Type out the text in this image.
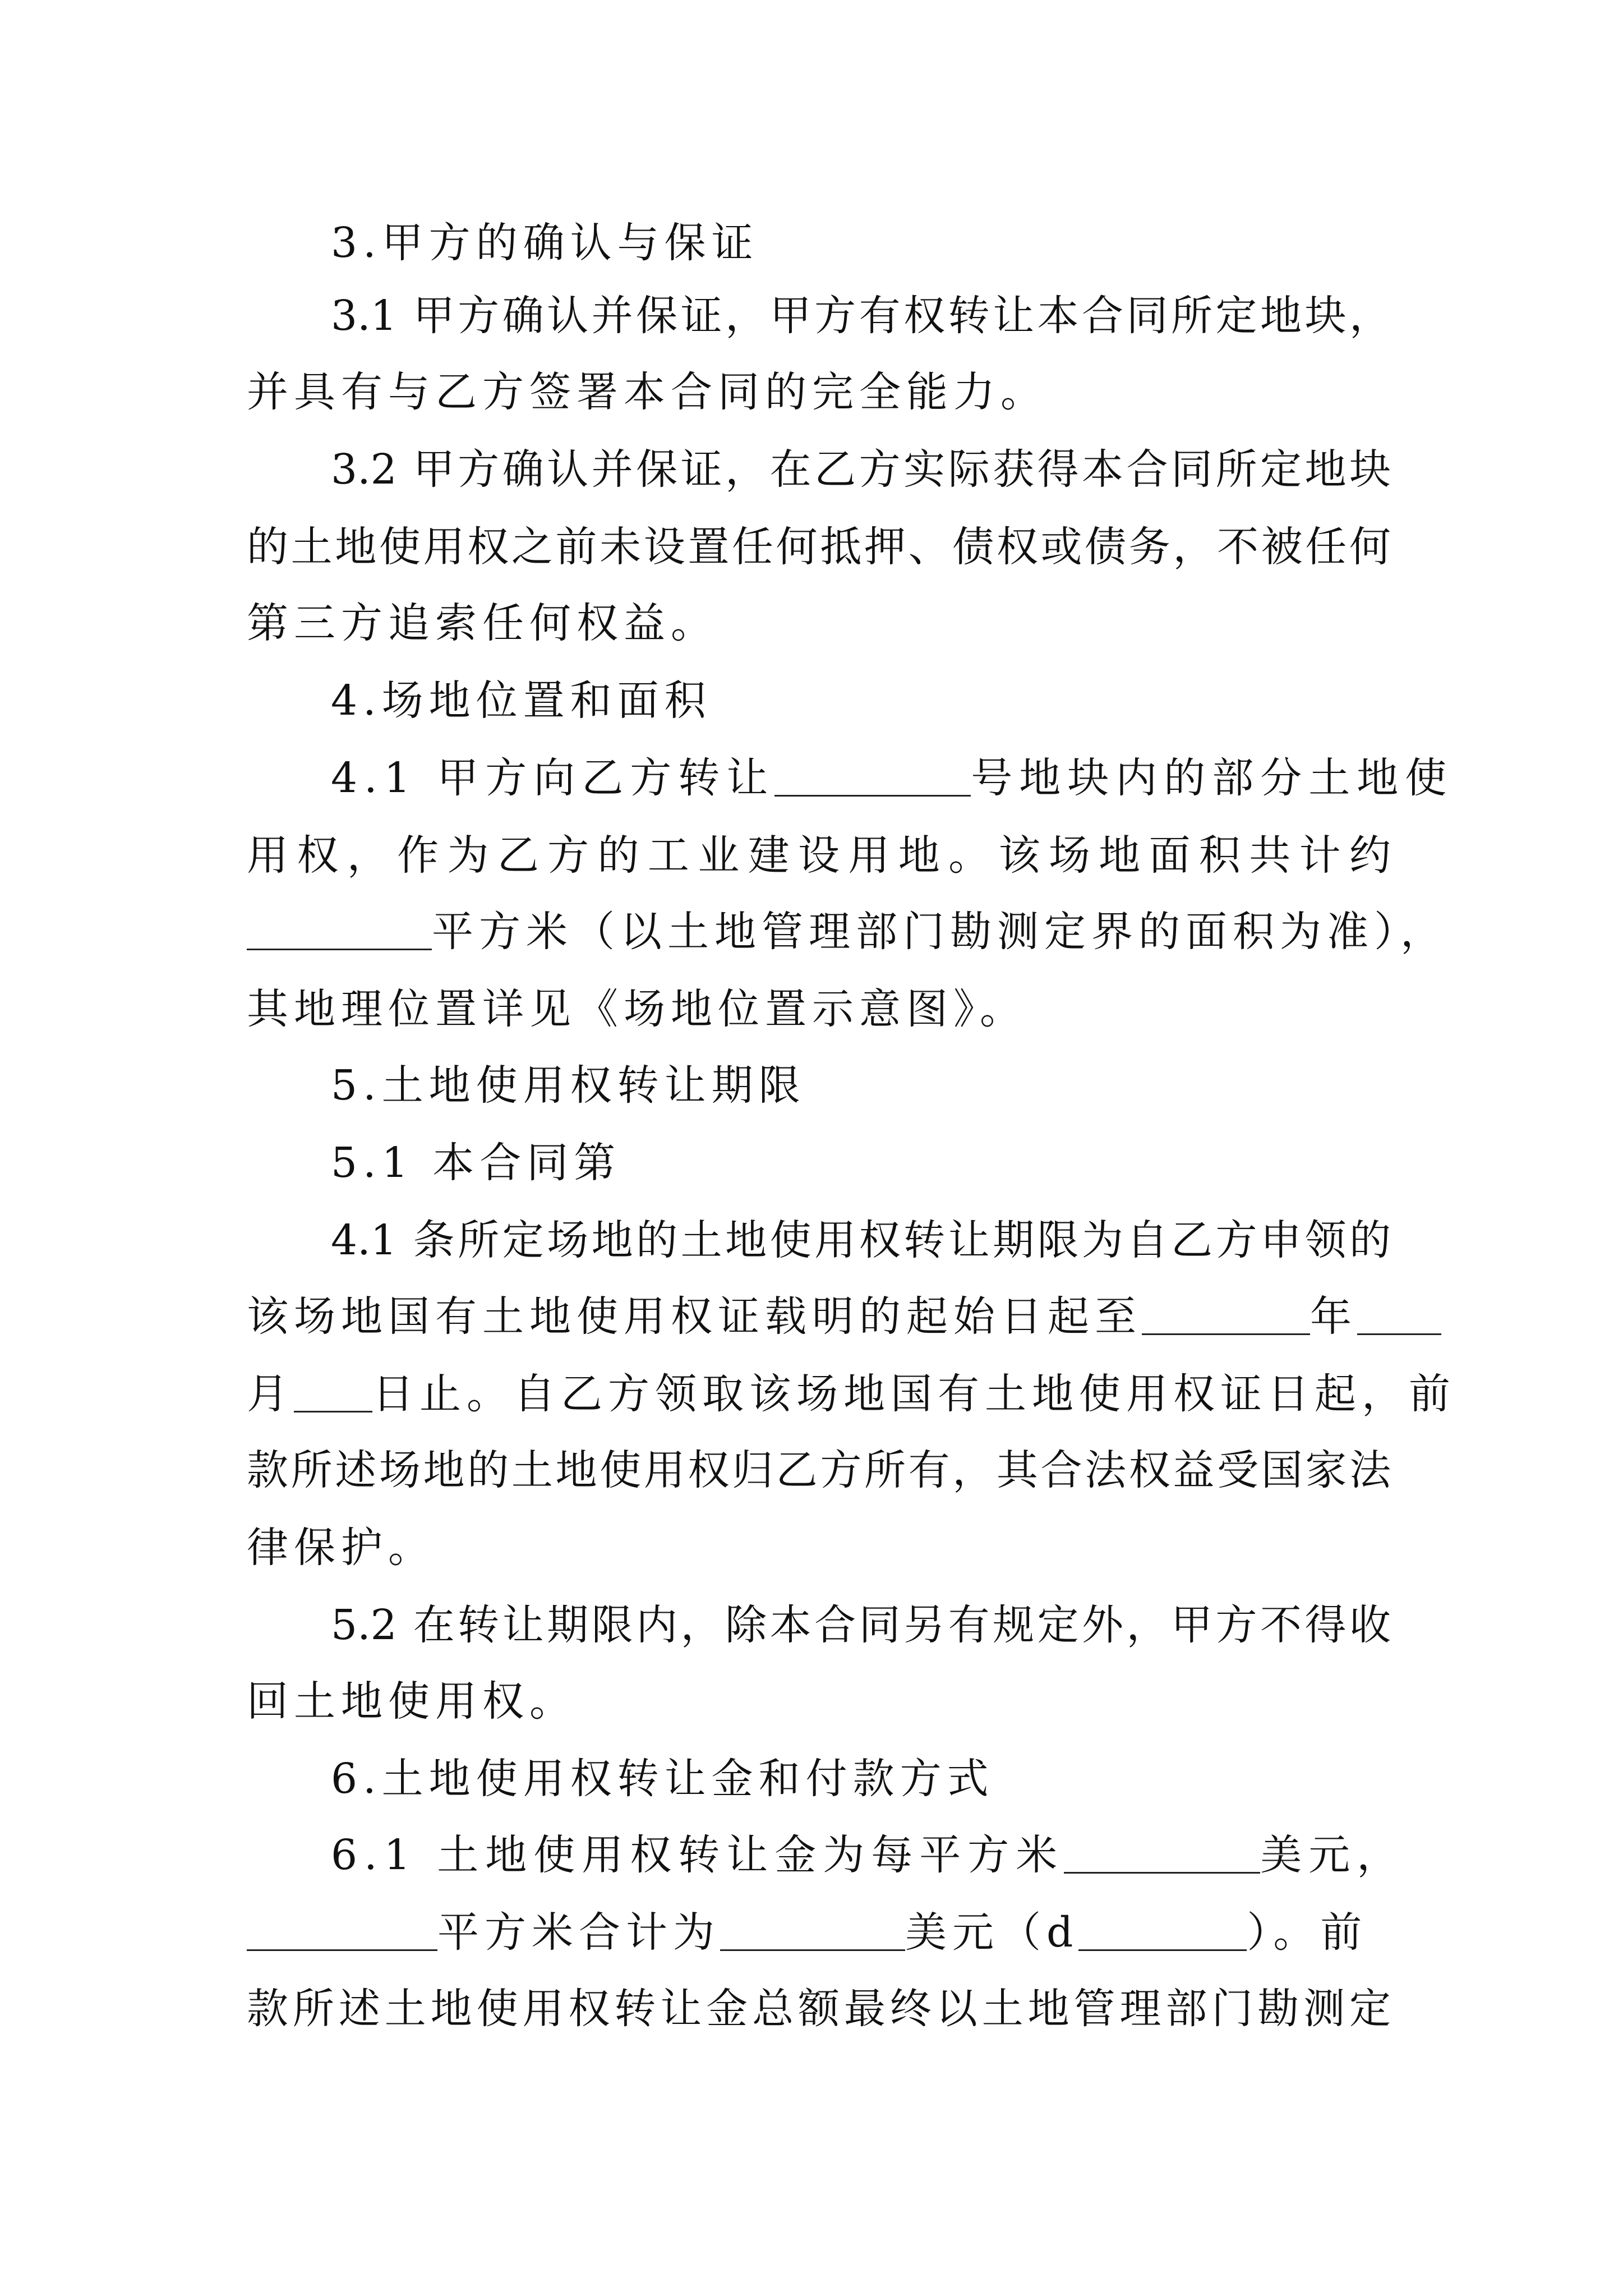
3.甲方的确认与保证
3.1 甲方确认并保证，甲方有权转让本合同所定地块，
并具有与乙方签署本合同的完全能力。
3.2 甲方确认并保证，在乙方实际获得本合同所定地块
的土地使用权之前未设置任何抵押、债权或债务，不被任何
第三方追索任何权益。
4.场地位置和面积
4.1 甲方向乙方转让	号地块内的部分土地使
用权，作为乙方的工业建设用地。该场地面积共计约
平方米（以土地管理部门勘测定界的面积为准），
其地理位置详见《场地位置示意图》。
5.土地使用权转让期限
5.1 本合同第
4.1 条所定场地的土地使用权转让期限为自乙方申领的
该场地国有土地使用权证载明的起始日起至	年
月 日止。自乙方领取该场地国有土地使用权证日起，前
款所述场地的土地使用权归乙方所有，其合法权益受国家法
律保护。
5.2 在转让期限内，除本合同另有规定外，甲方不得收
回土地使用权。
6.土地使用权转让金和付款方式
6.1 土地使用权转让金为每平方米	美元，
平方米合计为	美元（d	）。前
款所述土地使用权转让金总额最终以土地管理部门勘测定
